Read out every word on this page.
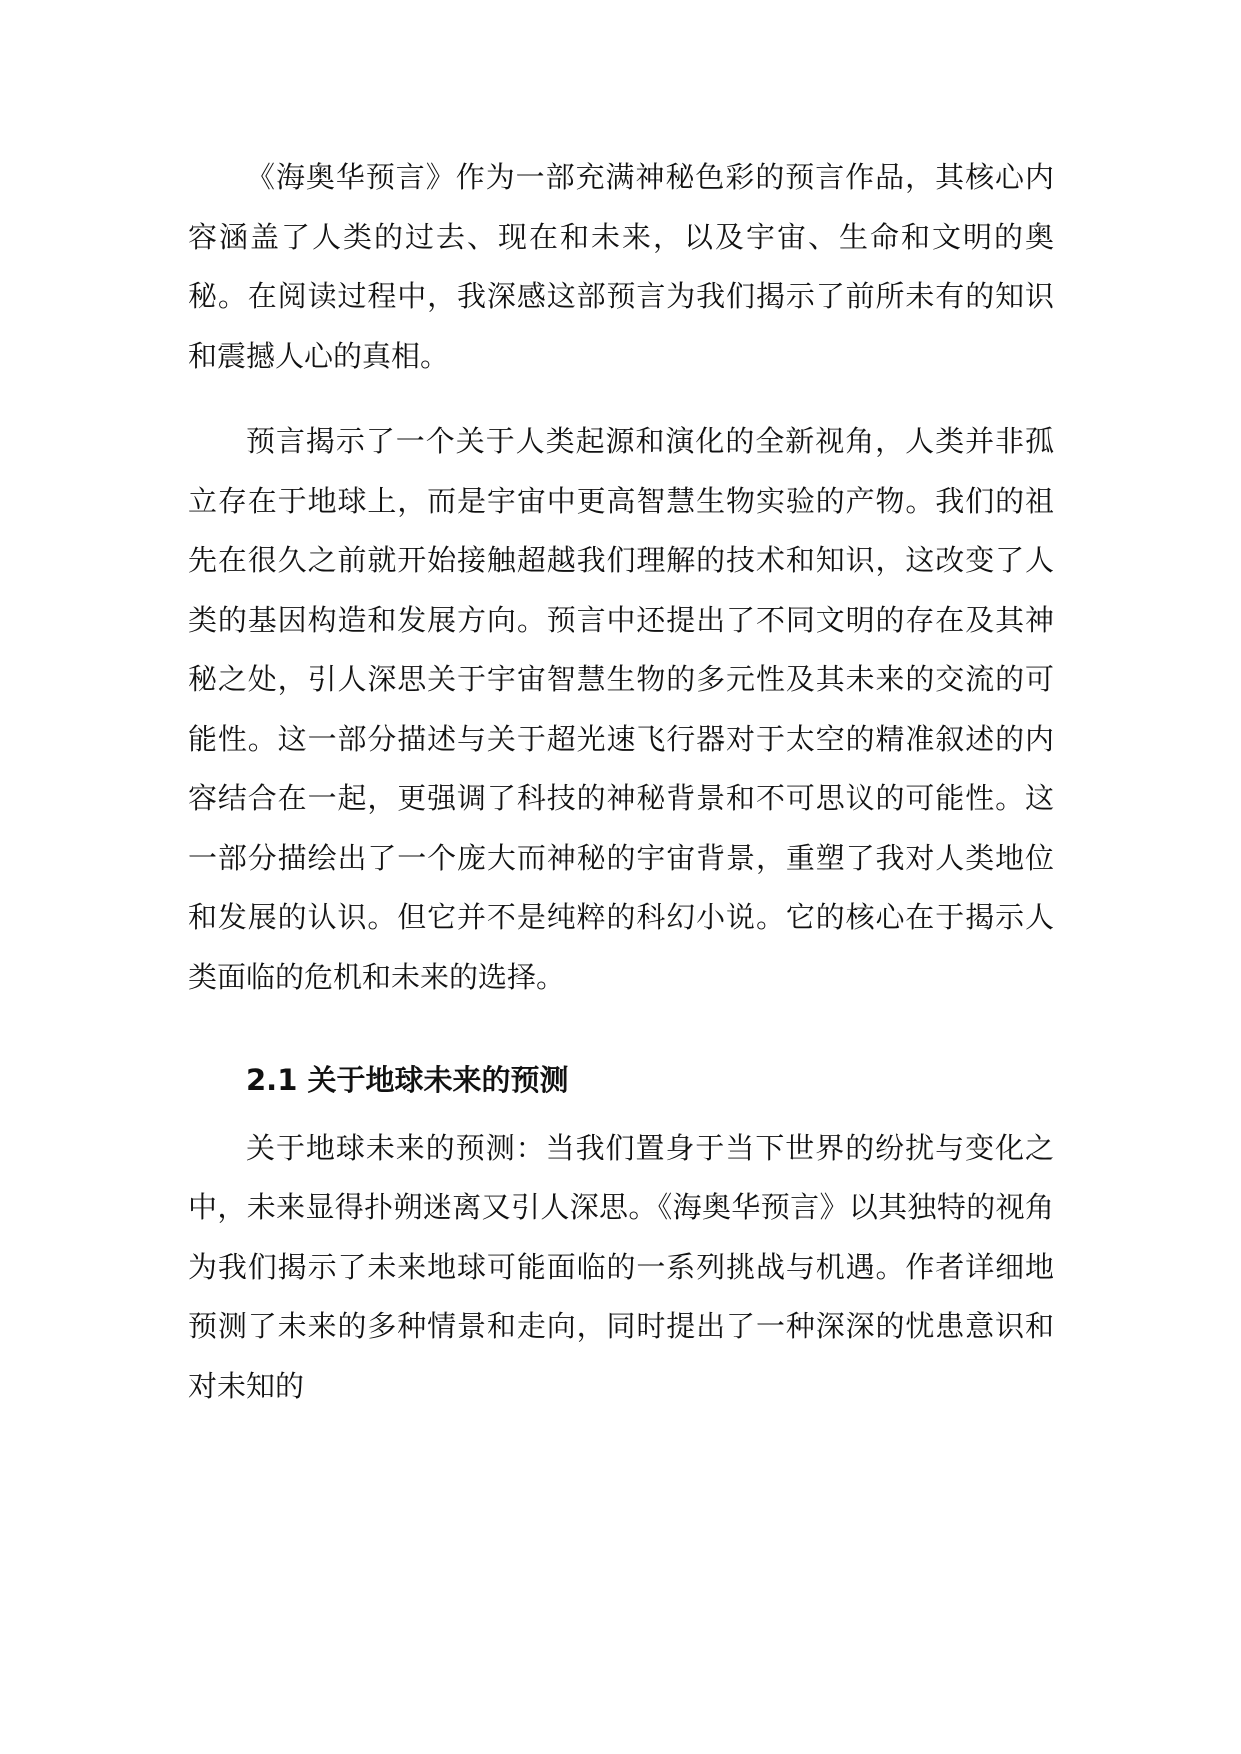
《海奥华预言》作为一部充满神秘色彩的预言作品，其核心内容涵盖了人类的过去、现在和未来，以及宇宙、生命和文明的奥秘。在阅读过程中，我深感这部预言为我们揭示了前所未有的知识和震撼人心的真相。

预言揭示了一个关于人类起源和演化的全新视角，人类并非孤立存在于地球上，而是宇宙中更高智慧生物实验的产物。我们的祖先在很久之前就开始接触超越我们理解的技术和知识，这改变了人类的基因构造和发展方向。预言中还提出了不同文明的存在及其神秘之处，引人深思关于宇宙智慧生物的多元性及其未来的交流的可能性。这一部分描述与关于超光速飞行器对于太空的精准叙述的内容结合在一起，更强调了科技的神秘背景和不可思议的可能性。这一部分描绘出了一个庞大而神秘的宇宙背景，重塑了我对人类地位和发展的认识。但它并不是纯粹的科幻小说。它的核心在于揭示人类面临的危机和未来的选择。

2.1 关于地球未来的预测

关于地球未来的预测：当我们置身于当下世界的纷扰与变化之中，未来显得扑朔迷离又引人深思。《海奥华预言》以其独特的视角为我们揭示了未来地球可能面临的一系列挑战与机遇。作者详细地预测了未来的多种情景和走向，同时提出了一种深深的忧患意识和对未知的
